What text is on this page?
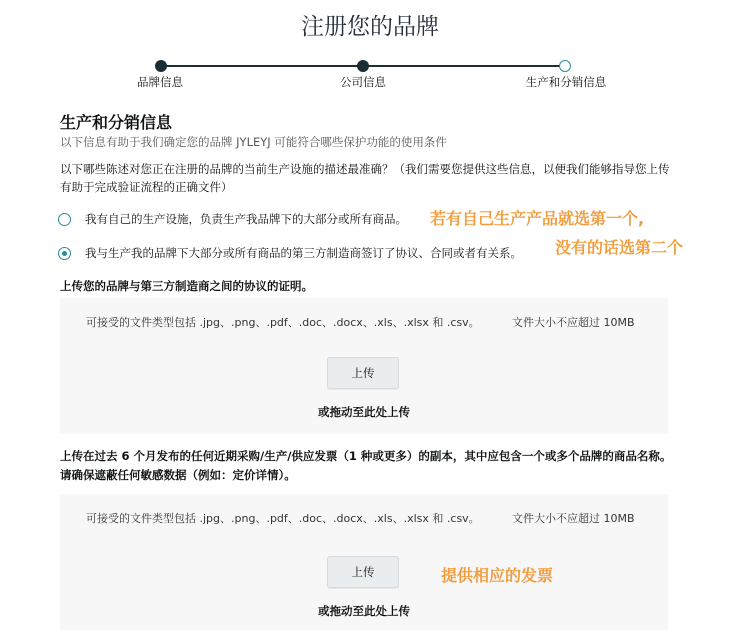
注册您的品牌
品牌信息	公司信息	生产和分销信息
生产和分销信息
以下信息有助于我们确定您的品牌 JYLEYJ 可能符合哪些保护功能的使用条件
以下哪些陈述对您正在注册的品牌的当前生产设施的描述最准确？（我们需要您提供这些信息，以便我们能够指导您上传有助于完成验证流程的正确文件）
我有自己的生产设施，负责生产我品牌下的大部分或所有商品。
我与生产我的品牌下大部分或所有商品的第三方制造商签订了协议、合同或者有关系。
若有自己生产产品就选第一个,
没有的话选第二个
上传您的品牌与第三方制造商之间的协议的证明。
可接受的文件类型包括 .jpg、.png、.pdf、.doc、.docx、.xls、.xlsx 和 .csv。	文件大小不应超过 10MB
上传
或拖动至此处上传
上传在过去 6 个月发布的任何近期采购/生产/供应发票（1 种或更多）的副本，其中应包含一个或多个品牌的商品名称。请确保遮蔽任何敏感数据（例如：定价详情）。
可接受的文件类型包括 .jpg、.png、.pdf、.doc、.docx、.xls、.xlsx 和 .csv。	文件大小不应超过 10MB
上传
或拖动至此处上传
提供相应的发票
